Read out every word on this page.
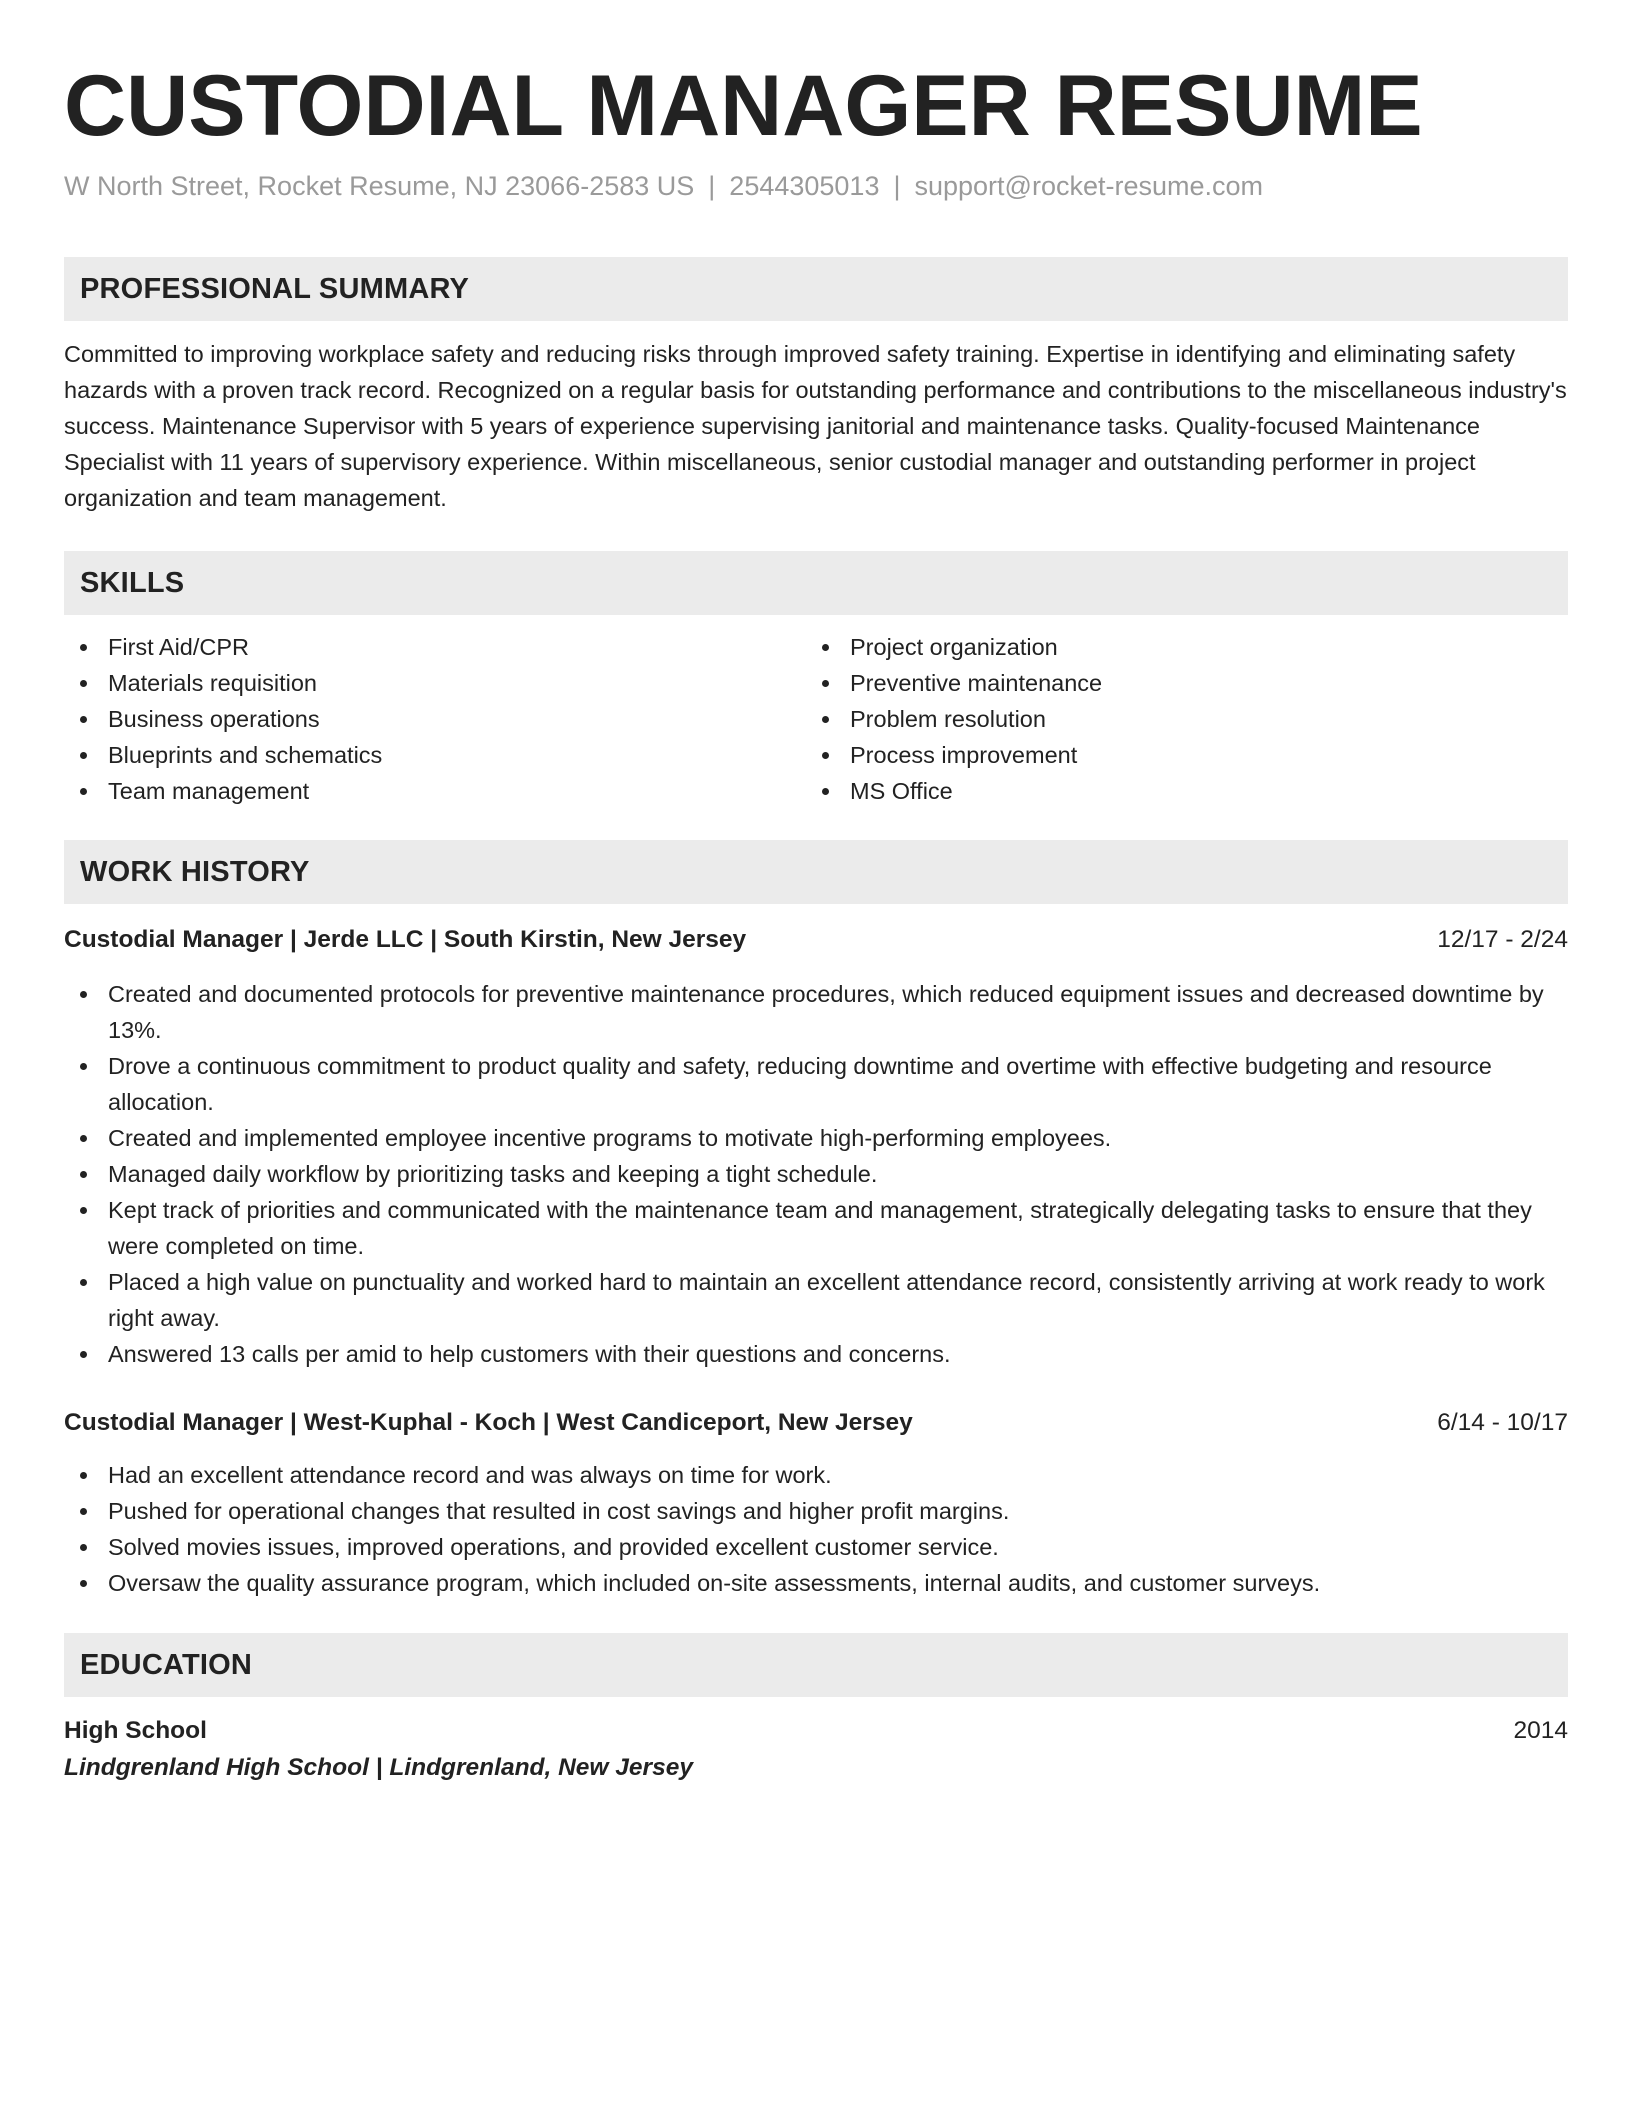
CUSTODIAL MANAGER RESUME
W North Street, Rocket Resume, NJ 23066-2583 US | 2544305013 | support@rocket-resume.com
PROFESSIONAL SUMMARY
Committed to improving workplace safety and reducing risks through improved safety training. Expertise in identifying and eliminating safety hazards with a proven track record. Recognized on a regular basis for outstanding performance and contributions to the miscellaneous industry's success. Maintenance Supervisor with 5 years of experience supervising janitorial and maintenance tasks. Quality-focused Maintenance Specialist with 11 years of supervisory experience. Within miscellaneous, senior custodial manager and outstanding performer in project organization and team management.
SKILLS
First Aid/CPR
Materials requisition
Business operations
Blueprints and schematics
Team management
Project organization
Preventive maintenance
Problem resolution
Process improvement
MS Office
WORK HISTORY
Custodial Manager | Jerde LLC | South Kirstin, New Jersey	12/17 - 2/24
Created and documented protocols for preventive maintenance procedures, which reduced equipment issues and decreased downtime by 13%.
Drove a continuous commitment to product quality and safety, reducing downtime and overtime with effective budgeting and resource allocation.
Created and implemented employee incentive programs to motivate high-performing employees.
Managed daily workflow by prioritizing tasks and keeping a tight schedule.
Kept track of priorities and communicated with the maintenance team and management, strategically delegating tasks to ensure that they were completed on time.
Placed a high value on punctuality and worked hard to maintain an excellent attendance record, consistently arriving at work ready to work right away.
Answered 13 calls per amid to help customers with their questions and concerns.
Custodial Manager | West-Kuphal - Koch | West Candiceport, New Jersey	6/14 - 10/17
Had an excellent attendance record and was always on time for work.
Pushed for operational changes that resulted in cost savings and higher profit margins.
Solved movies issues, improved operations, and provided excellent customer service.
Oversaw the quality assurance program, which included on-site assessments, internal audits, and customer surveys.
EDUCATION
High School	2014
Lindgrenland High School | Lindgrenland, New Jersey
